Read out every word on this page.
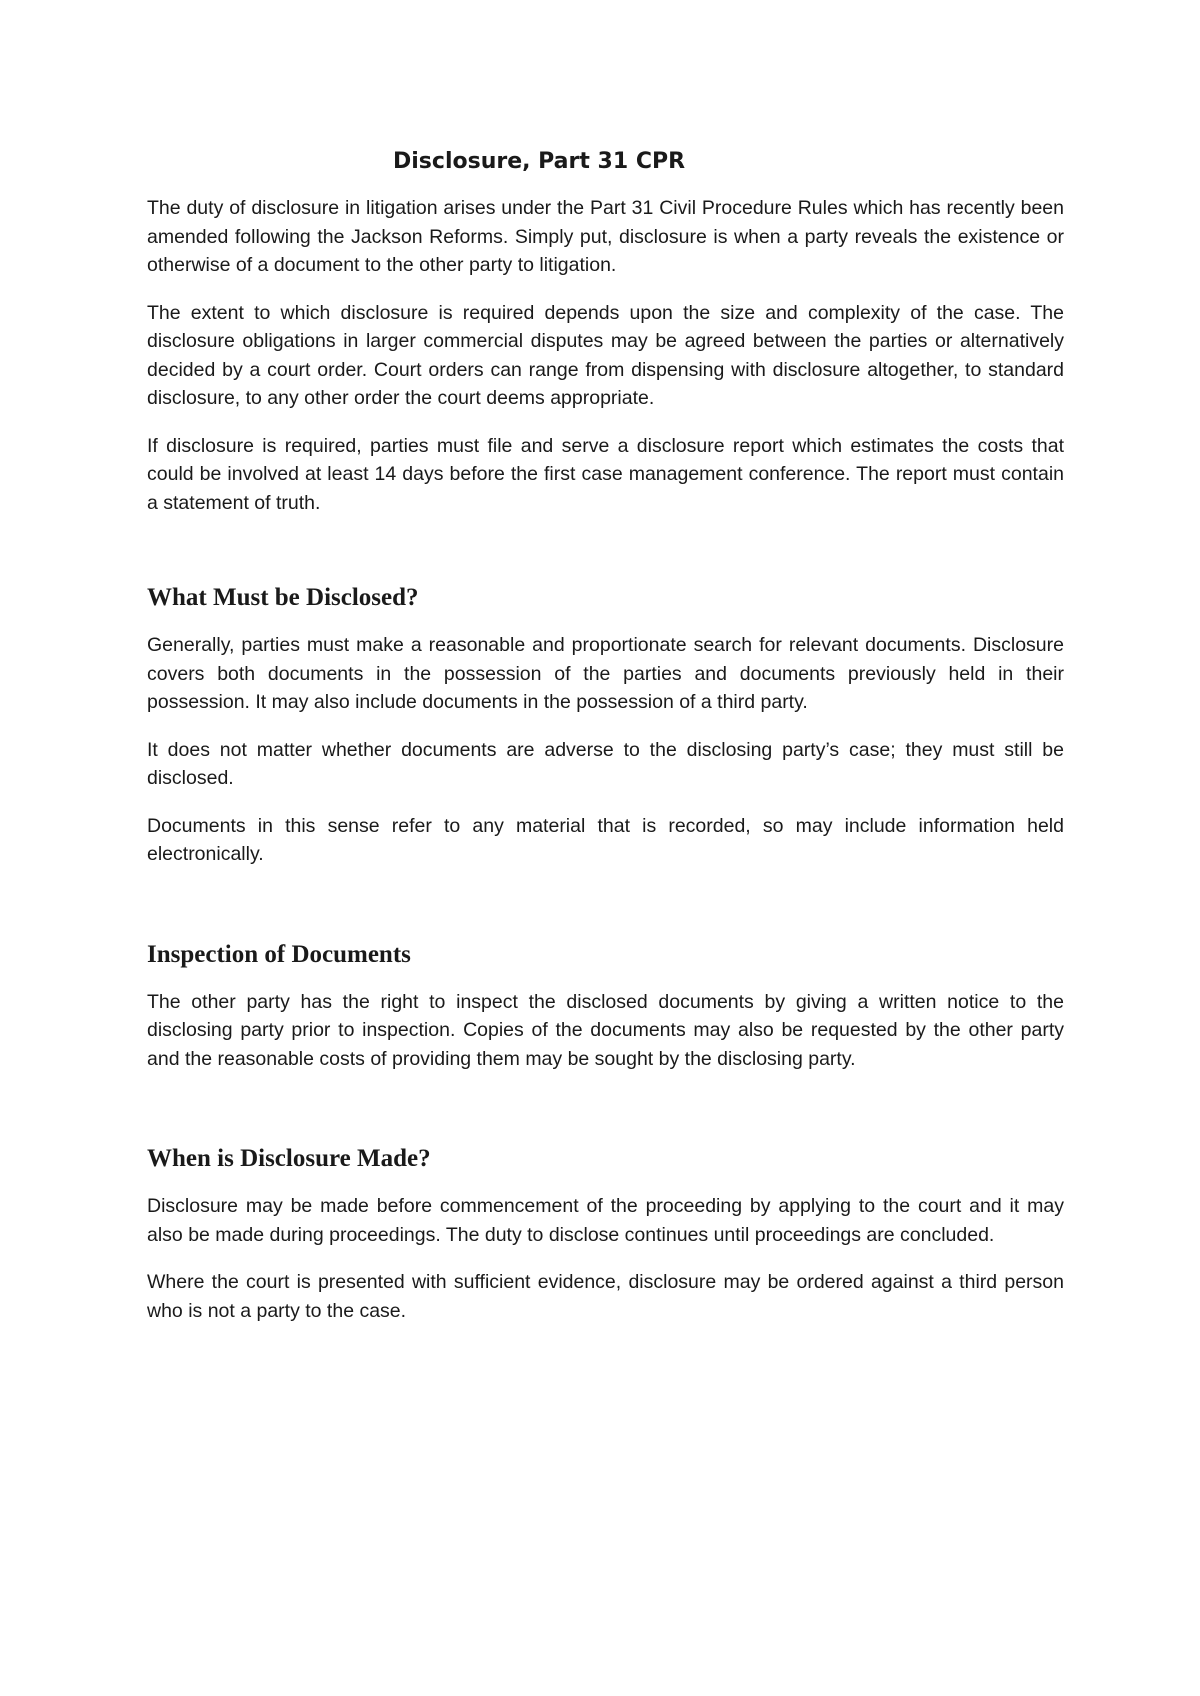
Disclosure, Part 31 CPR

The duty of disclosure in litigation arises under the Part 31 Civil Procedure Rules which has recently been amended following the Jackson Reforms. Simply put, disclosure is when a party reveals the existence or otherwise of a document to the other party to litigation.

The extent to which disclosure is required depends upon the size and complexity of the case. The disclosure obligations in larger commercial disputes may be agreed between the parties or alternatively decided by a court order. Court orders can range from dispensing with disclosure altogether, to standard disclosure, to any other order the court deems appropriate.

If disclosure is required, parties must file and serve a disclosure report which estimates the costs that could be involved at least 14 days before the first case management conference. The report must contain a statement of truth.

What Must be Disclosed?

Generally, parties must make a reasonable and proportionate search for relevant documents. Disclosure covers both documents in the possession of the parties and documents previously held in their possession. It may also include documents in the possession of a third party.

It does not matter whether documents are adverse to the disclosing party’s case; they must still be disclosed.

Documents in this sense refer to any material that is recorded, so may include information held electronically.

Inspection of Documents

The other party has the right to inspect the disclosed documents by giving a written notice to the disclosing party prior to inspection. Copies of the documents may also be requested by the other party and the reasonable costs of providing them may be sought by the disclosing party.

When is Disclosure Made?

Disclosure may be made before commencement of the proceeding by applying to the court and it may also be made during proceedings. The duty to disclose continues until proceedings are concluded.

Where the court is presented with sufficient evidence, disclosure may be ordered against a third person who is not a party to the case.
